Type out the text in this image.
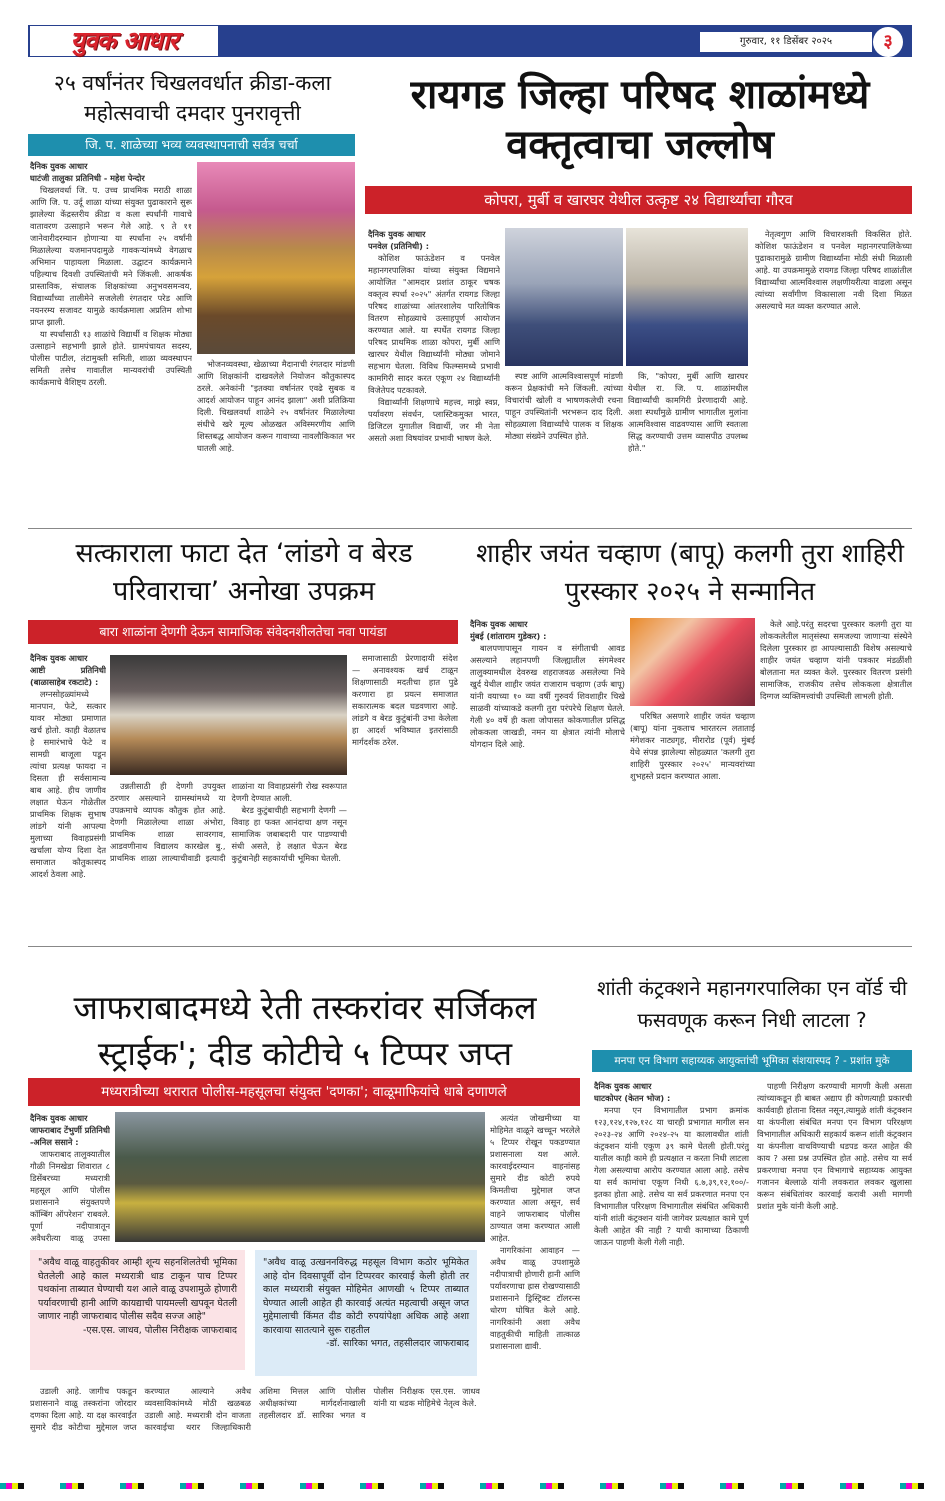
युवक आधार	गुरुवार, ११ डिसेंबर २०२५	३
२५ वर्षांनंतर चिखलवर्धात क्रीडा-कला महोत्सवाची दमदार पुनरावृत्ती
जि. प. शाळेच्या भव्य व्यवस्थापनाची सर्वत्र चर्चा

दैनिक युवक आधार

घाटंजी तालुका प्रतिनिधी - महेश पेन्दोर

चिखलवर्धा जि. प. उच्च प्राथमिक मराठी शाळा आणि जि. प. उर्दू शाळा यांच्या संयुक्त पुढाकाराने सुरू झालेल्या केंद्रस्तरीय क्रीडा व कला स्पर्धांनी गावाचे वातावरण उत्साहाने भरून गेले आहे. ९ ते ११ जानेवारीदरम्यान होणाऱ्या या स्पर्धांना २५ वर्षांनी मिळालेल्या यजमानपदामुळे गावकऱ्यांमध्ये वेगळाच अभिमान पाहायला मिळाला. उद्घाटन कार्यक्रमाने पहिल्याच दिवशी उपस्थितांची मने जिंकली. आकर्षक प्रास्ताविक, संचालक शिक्षकांच्या अनुभवसमन्वय, विद्यार्थ्यांच्या तालीमेने सजलेली रंगतदार परेड आणि नयनरम्य सजावट यामुळे कार्यक्रमाला अप्रतिम शोभा प्राप्त झाली.

या स्पर्धांसाठी १३ शाळांचे विद्यार्थी व शिक्षक मोठ्या उत्साहाने सहभागी झाले होते. ग्रामपंचायत सदस्य, पोलीस पाटील, तंटामुक्ती समिती, शाळा व्यवस्थापन समिती तसेच गावातील मान्यवरांची उपस्थिती कार्यक्रमाचे वैशिष्ट्य ठरली.

भोजनव्यवस्था, खेळाच्या मैदानाची रंगतदार मांडणी आणि शिक्षकांनी दाखवलेले नियोजन कौतुकास्पद ठरले. अनेकांनी "इतक्या वर्षानंतर एवढे सुबक व आदर्श आयोजन पाहून आनंद झाला" अशी प्रतिक्रिया दिली. चिखलवर्धा शाळेने २५ वर्षांनंतर मिळालेल्या संधीचे खरे मूल्य ओळखत अविस्मरणीय आणि शिस्तबद्ध आयोजन करून गावाच्या नावलौकिकात भर घातली आहे.

रायगड जिल्हा परिषद शाळांमध्ये वक्तृत्वाचा जल्लोष
कोपरा, मुर्बी व खारघर येथील उत्कृष्ट २४ विद्यार्थ्यांचा गौरव

दैनिक युवक आधार

पनवेल (प्रतिनिधी) :

कोशिश फाऊंडेशन व पनवेल महानगरपालिका यांच्या संयुक्त विद्यमाने आयोजित "आमदार प्रशांत ठाकूर चषक वक्तृत्व स्पर्धा २०२५" अंतर्गत रायगड जिल्हा परिषद शाळांच्या आंतरशालेय पारितोषिक वितरण सोहळ्याचे उत्साहपूर्ण आयोजन करण्यात आले. या स्पर्धेत रायगड जिल्हा परिषद प्राथमिक शाळा कोपरा, मुर्बी आणि खारघर येथील विद्यार्थ्यांनी मोठ्या जोमाने सहभाग घेतला. विविध फिल्म्समध्ये प्रभावी कामगिरी सादर करत एकूण २४ विद्यार्थ्यांनी विजेतेपद पटकावले.

विद्यार्थ्यांनी शिक्षणाचे महत्त्व, माझे स्वप्न, पर्यावरण संवर्धन, प्लास्टिकमुक्त भारत, डिजिटल युगातील विद्यार्थी, जर मी नेता असतो अशा विषयांवर प्रभावी भाषण केले.

स्पष्ट आणि आत्मविश्वासपूर्ण मांडणी करून प्रेक्षकांची मने जिंकली. त्यांच्या विचारांची खोली व भाषणकलेची रचना पाहून उपस्थितांनी भरभरून दाद दिली. सोहळ्याला विद्यार्थ्यांचे पालक व शिक्षक मोठ्या संख्येने उपस्थित होते.

कि, "कोपरा, मुर्बी आणि खारघर येथील रा. जि. प. शाळांमधील विद्यार्थ्यांची कामगिरी प्रेरणादायी आहे. अशा स्पर्धांमुळे ग्रामीण भागातील मुलांना आत्मविश्वास वाढवण्यास आणि स्वतःला सिद्ध करण्याची उत्तम व्यासपीठ उपलब्ध होते."

नेतृत्वगुण आणि विचारशक्ती विकसित होते. कोशिश फाऊंडेशन व पनवेल महानगरपालिकेच्या पुढाकारामुळे ग्रामीण विद्यार्थ्यांना मोठी संधी मिळाली आहे. या उपक्रमामुळे रायगड जिल्हा परिषद शाळांतील विद्यार्थ्यांचा आत्मविश्वास लक्षणीयरीत्या वाढला असून त्यांच्या सर्वांगीण विकासाला नवी दिशा मिळत असल्याचे मत व्यक्त करण्यात आले.

सत्काराला फाटा देत ‘लांडगे व बेरड परिवाराचा’ अनोखा उपक्रम
बारा शाळांना देणगी देऊन सामाजिक संवेदनशीलतेचा नवा पायंडा

दैनिक युवक आधार

आष्टी प्रतिनिधी (बाळासाहेब रकटाटे) :

लग्नसोहळ्यांमध्ये मानपान, फेटे, सत्कार यावर मोठ्या प्रमाणात खर्च होतो. काही वेळातच हे समारंभाचे फेटे व सामग्री बाजूला पडून त्यांचा प्रत्यक्ष फायदा न दिसता ही सर्वसामान्य बाब आहे. हीच जाणीव लक्षात घेऊन गोळेतील प्राथमिक शिक्षक सुभाष लांडगे यांनी आपल्या मुलाच्या विवाहप्रसंगी खर्चाला योग्य दिशा देत समाजात कौतुकास्पद आदर्श ठेवला आहे.

उन्नतीसाठी ही देणगी उपयुक्त ठरणार असल्याने ग्रामस्थांमध्ये या उपक्रमाचे व्यापक कौतुक होत आहे. देणगी मिळालेल्या शाळा अंभोरा, प्राथमिक शाळा सावरगाव, आडवणीनाथ विद्यालय कारखेल बु., प्राथमिक शाळा लाल्याचीवाडी इत्यादी शाळांना या विवाहप्रसंगी रोख स्वरूपात देणगी देण्यात आली.

बेरड कुटुंबाचीही सहभागी देणगी — विवाह हा फक्त आनंदाचा क्षण नसून सामाजिक जबाबदारी पार पाडण्याची संधी असते, हे लक्षात घेऊन बेरड कुटुंबानेही सहकार्याची भूमिका घेतली.

समाजासाठी प्रेरणादायी संदेश — अनावश्यक खर्च टाळून शिक्षणासाठी मदतीचा हात पुढे करणारा हा प्रयत्न समाजात सकारात्मक बदल घडवणारा आहे. लांडगे व बेरड कुटुंबांनी उभा केलेला हा आदर्श भविष्यात इतरांसाठी मार्गदर्शक ठरेल.

शाहीर जयंत चव्हाण (बापू) कलगी तुरा शाहिरी पुरस्कार २०२५ ने सन्मानित

दैनिक युवक आधार

मुंबई (शांताराम गुडेकर) :

बालपणापासून गायन व संगीताची आवड असल्याने लहानपणी जिल्ह्यातील संगमेश्वर तालुक्यामधील देवरुख शहराजवळ असलेल्या निवे खुर्द येथील शाहीर जयंत राजाराम चव्हाण (उर्फ बापू) यांनी वयाच्या १० व्या वर्षी गुरुवर्य शिवशाहीर चिखे साळवी यांच्याकडे कलगी तुरा परंपरेचे शिक्षण घेतले. गेली ४० वर्षे ही कला जोपासत कोकणातील प्रसिद्ध लोककला जाखडी, नमन या क्षेत्रात त्यांनी मोलाचे योगदान दिले आहे.

परिषित असणारे शाहीर जयंत चव्हाण (बापू) यांना नुकताच भारतरत्न लताताई मंगेशकर नाट्यगृह, मीरारोड (पूर्व) मुंबई येथे संपन्न झालेल्या सोहळ्यात 'कलगी तुरा शाहिरी पुरस्कार २०२५' मान्यवरांच्या शुभहस्ते प्रदान करण्यात आला.

केले आहे.परंतु सदरचा पुरस्कार कलगी तुरा या लोककलेतील मातृसंस्था समजल्या जाणाऱ्या संस्थेने दिलेला पुरस्कार हा आपल्यासाठी विशेष असल्याचे शाहीर जयंत चव्हाण यांनी पत्रकार मंडळींशी बोलताना मत व्यक्त केले. पुरस्कार वितरण प्रसंगी सामाजिक, राजकीय तसेच लोककला क्षेत्रातील दिग्गज व्यक्तिमत्त्वांची उपस्थिती लाभली होती.

जाफराबादमध्ये रेती तस्करांवर सर्जिकल स्ट्राईक'; दीड कोटीचे ५ टिप्पर जप्त
मध्यरात्रीच्या थरारात पोलीस-महसूलचा संयुक्त 'दणका'; वाळूमाफियांचे धाबे दणाणले

दैनिक युवक आधार

जाफराबाद टेंभुर्णी प्रतिनिधी -अनिल ससाने :

जाफराबाद तालुक्यातील गौळी निमखेडा शिवारात ८ डिसेंबरच्या मध्यरात्री महसूल आणि पोलीस प्रशासनाने संयुक्तपणे कॉम्बिंग ऑपरेशन' राबवले. पूर्णा नदीपात्रातून अवैधरीत्या वाळू उपसा

"अवैध वाळू वाहतुकीवर आम्ही शून्य सहनशिलतेची भूमिका घेतलेली आहे काल मध्यरात्री धाड टाकून पाच टिप्पर पथकांना ताब्यात घेण्याची यश आले वाळू उपशामुळे होणारी पर्यावरणाची हानी आणि कायद्याची पायमल्ली खपवून घेतली जाणार नाही जाफराबाद पोलीस सदैव सज्ज आहे"

-एस.एस. जाधव, पोलीस निरीक्षक जाफराबाद

"अवैध वाळू उत्खननविरुद्ध महसूल विभाग कठोर भूमिकेत आहे दोन दिवसापूर्वी दोन टिप्परवर कारवाई केली होती तर काल मध्यरात्री संयुक्त मोहिमेत आणखी ५ टिप्पर ताब्यात घेण्यात आली आहेत ही कारवाई अत्यंत महत्वाची असून जप्त मुद्देमालाची किंमत दीड कोटी रुपयांपेक्षा अधिक आहे अशा कारवाया सातत्याने सुरू राहतील

-डॉ. सारिका भगत, तहसीलदार जाफराबाद

उडाली आहे. जागीच पकडून प्रशासनाने वाळू तस्करांना जोरदार दणका दिला आहे. या दक्ष कारवाईत सुमारे दीड कोटीचा मुद्देमाल जप्त करण्यात आल्याने अवैध व्यवसायिकांमध्ये मोठी खळबळ उडाली आहे. मध्यरात्री दोन वाजता कारवाईचा थरार जिल्हाधिकारी अशिमा मित्तल आणि पोलीस अधीक्षकांच्या मार्गदर्शनाखाली तहसीलदार डॉ. सारिका भगत व पोलीस निरीक्षक एस.एस. जाधव यांनी या धडक मोहिमेचे नेतृत्व केले.

अत्यंत जोखमीच्या या मोहिमेत वाळूने खच्चून भरलेले ५ टिप्पर रोखून पकडण्यात प्रशासनाला यश आले. कारवाईदरम्यान वाहनांसह सुमारे दीड कोटी रुपये किमतीचा मुद्देमाल जप्त करण्यात आला असून, सर्व वाहने जाफराबाद पोलीस ठाण्यात जमा करण्यात आली आहेत.

नागरिकांना आवाहन — अवैध वाळू उपशामुळे नदीपात्राची होणारी हानी आणि पर्यावरणाचा ह्रास रोखण्यासाठी प्रशासनाने ड्रिस्ट्रिक्ट टॉलरन्स धोरण घोषित केले आहे. नागरिकांनी अशा अवैध वाहतुकीची माहिती तात्काळ प्रशासनाला द्यावी.

शांती कंट्रक्शने महानगरपालिका एन वॉर्ड ची फसवणूक करून निधी लाटला ?
मनपा एन विभाग सहाय्यक आयुक्तांची भूमिका संशयास्पद ? - प्रशांत मुके

दैनिक युवक आधार

घाटकोपर (केतन भोज) :

मनपा एन विभागातील प्रभाग क्रमांक १२३,१२४,१२७,१२८ या चारही प्रभागात मागील सन २०२३-२४ आणि २०२४-२५ या कालावधीत शांती कंट्रक्शन यांनी एकूण ३९ कामे घेतली होती.परंतु यातील काही कामे ही प्रत्यक्षात न करता निधी लाटला गेला असल्याचा आरोप करण्यात आला आहे. तसेच या सर्व कामांचा एकूण निधी ६.७,३९,१२,१००/- इतका होता आहे. तसेच या सर्व प्रकरणात मनपा एन विभागातील परिरक्षण विभागातील संबंधित अधिकारी यांनी शांती कंट्रक्शन यांनी जागेवर प्रत्यक्षात कामे पूर्ण केली आहेत की नाही ? याची कामाच्या ठिकाणी जाऊन पाहणी केली गेली नाही.

पाहणी निरीक्षण करण्याची मागणी केली असता त्यांच्याकडून ही बाबत अद्याप ही कोणत्याही प्रकारची कार्यवाही होताना दिसत नसून,त्यामुळे शांती कंट्रक्शन या कंपनीला संबंधित मनपा एन विभाग परिरक्षण विभागातील अधिकारी सहकार्य करून शांती कंट्रक्शन या कंपनीला वाचविण्याची धडपड करत आहेत की काय ? असा प्रश्न उपस्थित होत आहे. तसेच या सर्व प्रकरणाचा मनपा एन विभागाचे सहाय्यक आयुक्त गजानन बेल्लाळे यांनी लवकरात लवकर खुलासा करून संबंधितांवर कारवाई करावी अशी मागणी प्रशांत मुके यांनी केली आहे.
